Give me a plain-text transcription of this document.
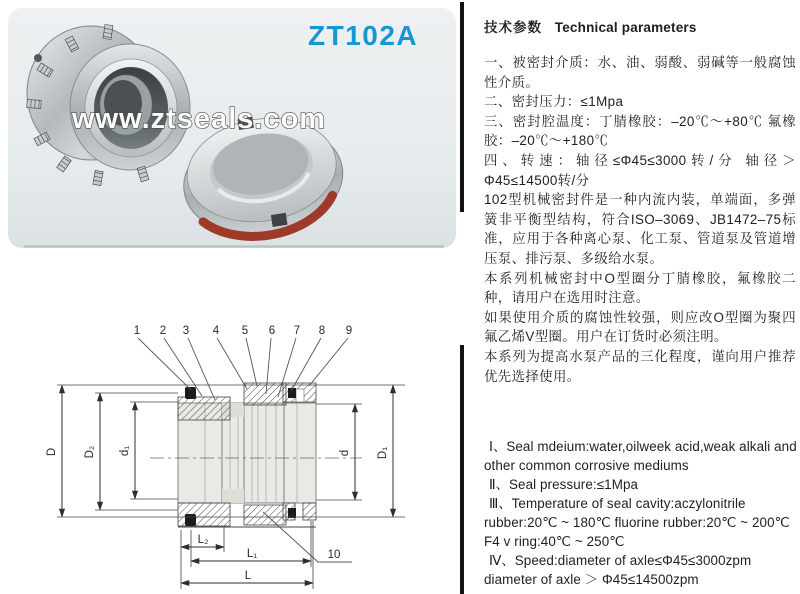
www.ztseals.com
ZT102A
1 2 3 4 5 6 7 8 9
10
D D₂ d₁	d D₁
L₂
L₁
L

技术参数 Technical parameters

一、被密封介质：水、油、弱酸、弱碱等一般腐蚀性介质。

二、密封压力：≤1Mpa

三、密封腔温度：丁腈橡胶：–20℃～+80℃ 氟橡胶：–20℃～+180℃

四、转速：轴径≤Φ45≤3000转/分 轴径＞Φ45≤14500转/分

102型机械密封件是一种内流内装，单端面，多弹簧非平衡型结构，符合ISO–3069、JB1472–75标准，应用于各种离心泵、化工泵、管道泵及管道增压泵、排污泵、多级给水泵。

本系列机械密封中O型圈分丁腈橡胶，氟橡胶二种，请用户在选用时注意。

如果使用介质的腐蚀性较强，则应改O型圈为聚四氟乙烯V型圈。用户在订货时必须注明。

本系列为提高水泵产品的三化程度，谨向用户推荐优先选择使用。

Ⅰ、Seal mdeium:water,oilweek acid,weak alkali and other common corrosive mediums

Ⅱ、Seal pressure:≤1Mpa

Ⅲ、Temperature of seal cavity:aczylonitrile rubber:20℃ ~ 180℃ fluorine rubber:20℃ ~ 200℃ F4 v ring:40℃ ~ 250℃

Ⅳ、Speed:diameter of axle≤Φ45≤3000zpm diameter of axle ＞ Φ45≤14500zpm
